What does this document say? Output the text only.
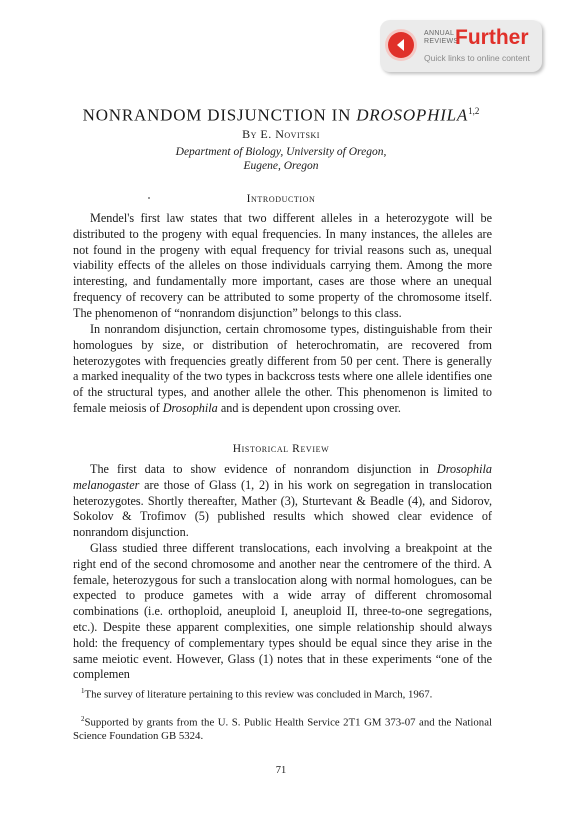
ANNUAL
REVIEWS
Further
Quick links to online content
NONRANDOM DISJUNCTION IN DROSOPHILA$^{1,2}$
By E. Novitski
Department of Biology, University of Oregon,
Eugene, Oregon
Introduction
Mendel's first law states that two different alleles in a heterozygote will be distributed to the progeny with equal frequencies. In many instances, the alleles are not found in the progeny with equal frequency for trivial reasons such as, unequal viability effects of the alleles on those individuals carrying them. Among the more interesting, and fundamentally more important, cases are those where an unequal frequency of recovery can be attributed to some property of the chromosome itself. The phenomenon of “nonrandom disjunction” belongs to this class.
In nonrandom disjunction, certain chromosome types, distinguishable from their homologues by size, or distribution of heterochromatin, are recovered from heterozygotes with frequencies greatly different from 50 per cent. There is generally a marked inequality of the two types in backcross tests where one allele identifies one of the structural types, and another allele the other. This phenomenon is limited to female meiosis of Drosophila and is dependent upon crossing over.
Historical Review
The first data to show evidence of nonrandom disjunction in Drosophila melanogaster are those of Glass (1, 2) in his work on segregation in translocation heterozygotes. Shortly thereafter, Mather (3), Sturtevant & Beadle (4), and Sidorov, Sokolov & Trofimov (5) published results which showed clear evidence of nonrandom disjunction.
Glass studied three different translocations, each involving a breakpoint at the right end of the second chromosome and another near the centromere of the third. A female, heterozygous for such a translocation along with normal homologues, can be expected to produce gametes with a wide array of different chromosomal combinations (i.e. orthoploid, aneuploid I, aneuploid II, three-to-one segregations, etc.). Despite these apparent complexities, one simple relationship should always hold: the frequency of complementary types should be equal since they arise in the same meiotic event. However, Glass (1) notes that in these experiments “one of the complemen
$^1$The survey of literature pertaining to this review was concluded in March, 1967.
$^2$Supported by grants from the U. S. Public Health Service 2T1 GM 373-07 and the National Science Foundation GB 5324.
71
